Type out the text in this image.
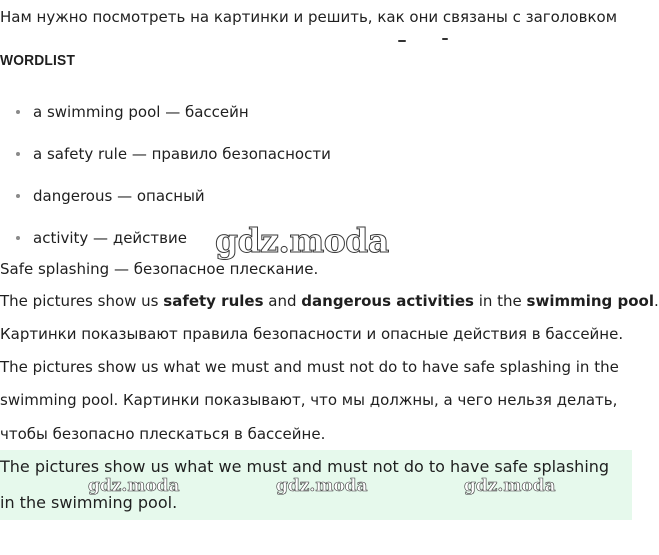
Нам нужно посмотреть на картинки и решить, как они связаны с заголовком
WORDLIST
a swimming pool — бассейн
a safety rule — правило безопасности
dangerous — опасный
activity — действие gdz.moda
Safe splashing — безопасное плескание.
The pictures show us safety rules and dangerous activities in the swimming pool.
Картинки показывают правила безопасности и опасные действия в бассейне.
The pictures show us what we must and must not do to have safe splashing in the
swimming pool. Картинки показывают, что мы должны, а чего нельзя делать,
чтобы безопасно плескаться в бассейне.
The pictures show us what we must and must not do to have safe splashing
in the swimming pool.
gdz.moda	gdz.moda	gdz.moda
